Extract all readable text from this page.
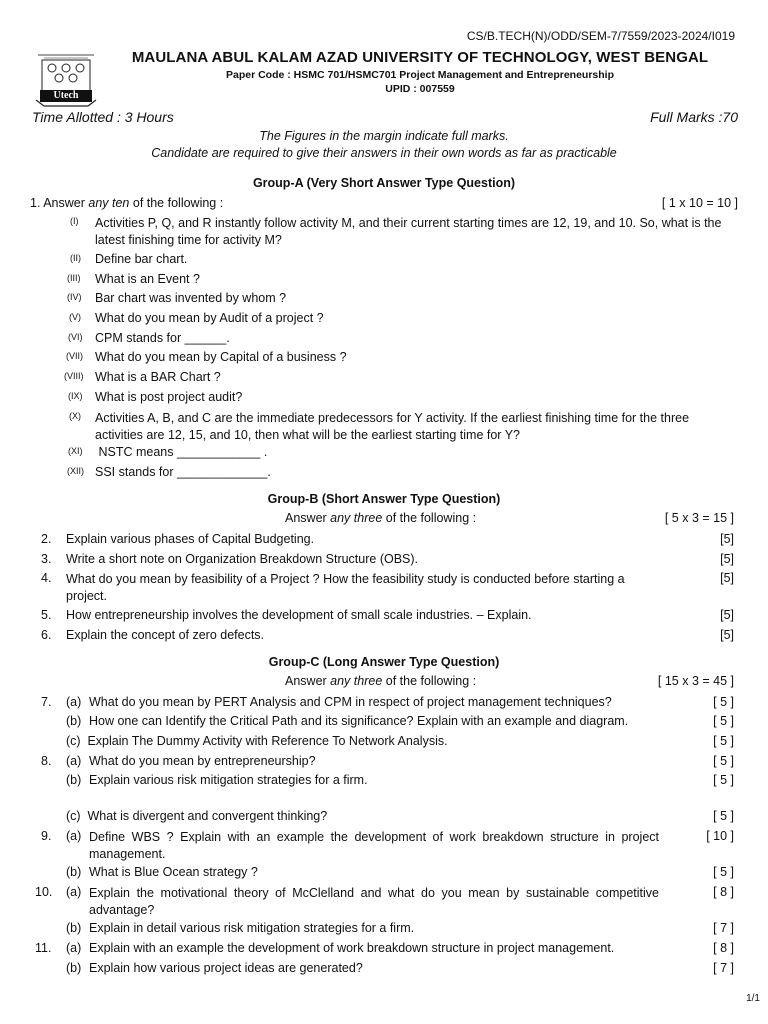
CS/B.TECH(N)/ODD/SEM-7/7559/2023-2024/I019
Utech
MAULANA ABUL KALAM AZAD UNIVERSITY OF TECHNOLOGY, WEST BENGAL
Paper Code : HSMC 701/HSMC701 Project Management and Entrepreneurship
UPID : 007559
Time Allotted : 3 Hours	Full Marks :70
The Figures in the margin indicate full marks.
Candidate are required to give their answers in their own words as far as practicable
Group-A (Very Short Answer Type Question)
1. Answer any ten of the following :	[ 1 x 10 = 10 ]
(I) Activities P, Q, and R instantly follow activity M, and their current starting times are 12, 19, and 10. So, what is the latest finishing time for activity M?
(II) Define bar chart.
(III) What is an Event ?
(IV) Bar chart was invented by whom ?
(V) What do you mean by Audit of a project ?
(VI) CPM stands for ______.
(VII) What do you mean by Capital of a business ?
(VIII) What is a BAR Chart ?
(IX) What is post project audit?
(X) Activities A, B, and C are the immediate predecessors for Y activity. If the earliest finishing time for the three activities are 12, 15, and 10, then what will be the earliest starting time for Y?
(XI) NSTC means ____________ .
(XII) SSI stands for _____________.
Group-B (Short Answer Type Question)
Answer any three of the following :	[ 5 x 3 = 15 ]
2. Explain various phases of Capital Budgeting.	[5]
3. Write a short note on Organization Breakdown Structure (OBS).	[5]
4. What do you mean by feasibility of a Project ? How the feasibility study is conducted before starting a project.
[5]
5. How entrepreneurship involves the development of small scale industries. – Explain.	[5]
6. Explain the concept of zero defects.	[5]
Group-C (Long Answer Type Question)
Answer any three of the following :	[ 15 x 3 = 45 ]
7. (a) What do you mean by PERT Analysis and CPM in respect of project management techniques?	[ 5 ]
(b) How one can Identify the Critical Path and its significance? Explain with an example and diagram.	[ 5 ]
(c) Explain The Dummy Activity with Reference To Network Analysis.	[ 5 ]
8. (a) What do you mean by entrepreneurship?	[ 5 ]
(b) Explain various risk mitigation strategies for a firm.	[ 5 ]
(c) What is divergent and convergent thinking?	[ 5 ]
9. (a) Define WBS ? Explain with an example the development of work breakdown structure in project management.
[ 10 ]
(b) What is Blue Ocean strategy ?	[ 5 ]
10. (a) Explain the motivational theory of McClelland and what do you mean by sustainable competitive advantage?
[ 8 ]
(b) Explain in detail various risk mitigation strategies for a firm.	[ 7 ]
11. (a) Explain with an example the development of work breakdown structure in project management.	[ 8 ]
(b) Explain how various project ideas are generated?	[ 7 ]
1/1
